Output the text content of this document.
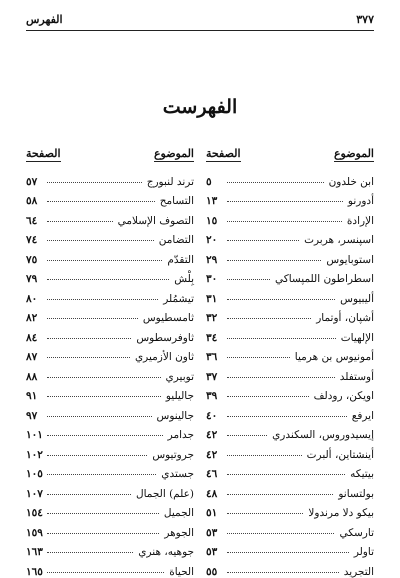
٣٧٧
الفهرس
الفهرست
الموضوع
الصفحة
ابن خلدون
٥
أدورنو
١٣
الإرادة
١٥
اسپنسر، هربرت
٢٠
استوبايوس
٢٩
اسطراطون اللمپساكي
٣٠
أليبيوس
٣١
أشپان، أوتمار
٣٢
الإلهيات
٣٤
أمونيوس بن هرميا
٣٦
أوستفلد
٣٧
اويكن، رودلف
٣٩
ايرفع
٤٠
إيسيدوروس، السكندري
٤٢
أينشتاين، ألبرت
٤٢
بيتيكه
٤٦
بولتسانو
٤٨
بيكو دلا مرندولا
٥١
تارسكي
٥٣
تاولر
٥٣
التجريد
٥٥
الموضوع
الصفحة
ترند لنبورج
٥٧
التسامح
٥٨
التصوف الإسلامي
٦٤
التضامن
٧٤
التقدّم
٧٥
بِلْش
٧٩
تيشمُلر
٨٠
ثامسطيوس
٨٢
ثاوفرسطوس
٨٤
ثاون الأزميري
٨٧
توبيري
٨٨
جاليليو
٩١
جالينوس
٩٧
جدامر
١٠١
جروتيوس
١٠٢
جستدي
١٠٥
(علم) الجمال
١٠٧
الجميل
١٥٤
الجوهر
١٥٩
جوهيه، هنري
١٦٣
الحياة
١٦٥
